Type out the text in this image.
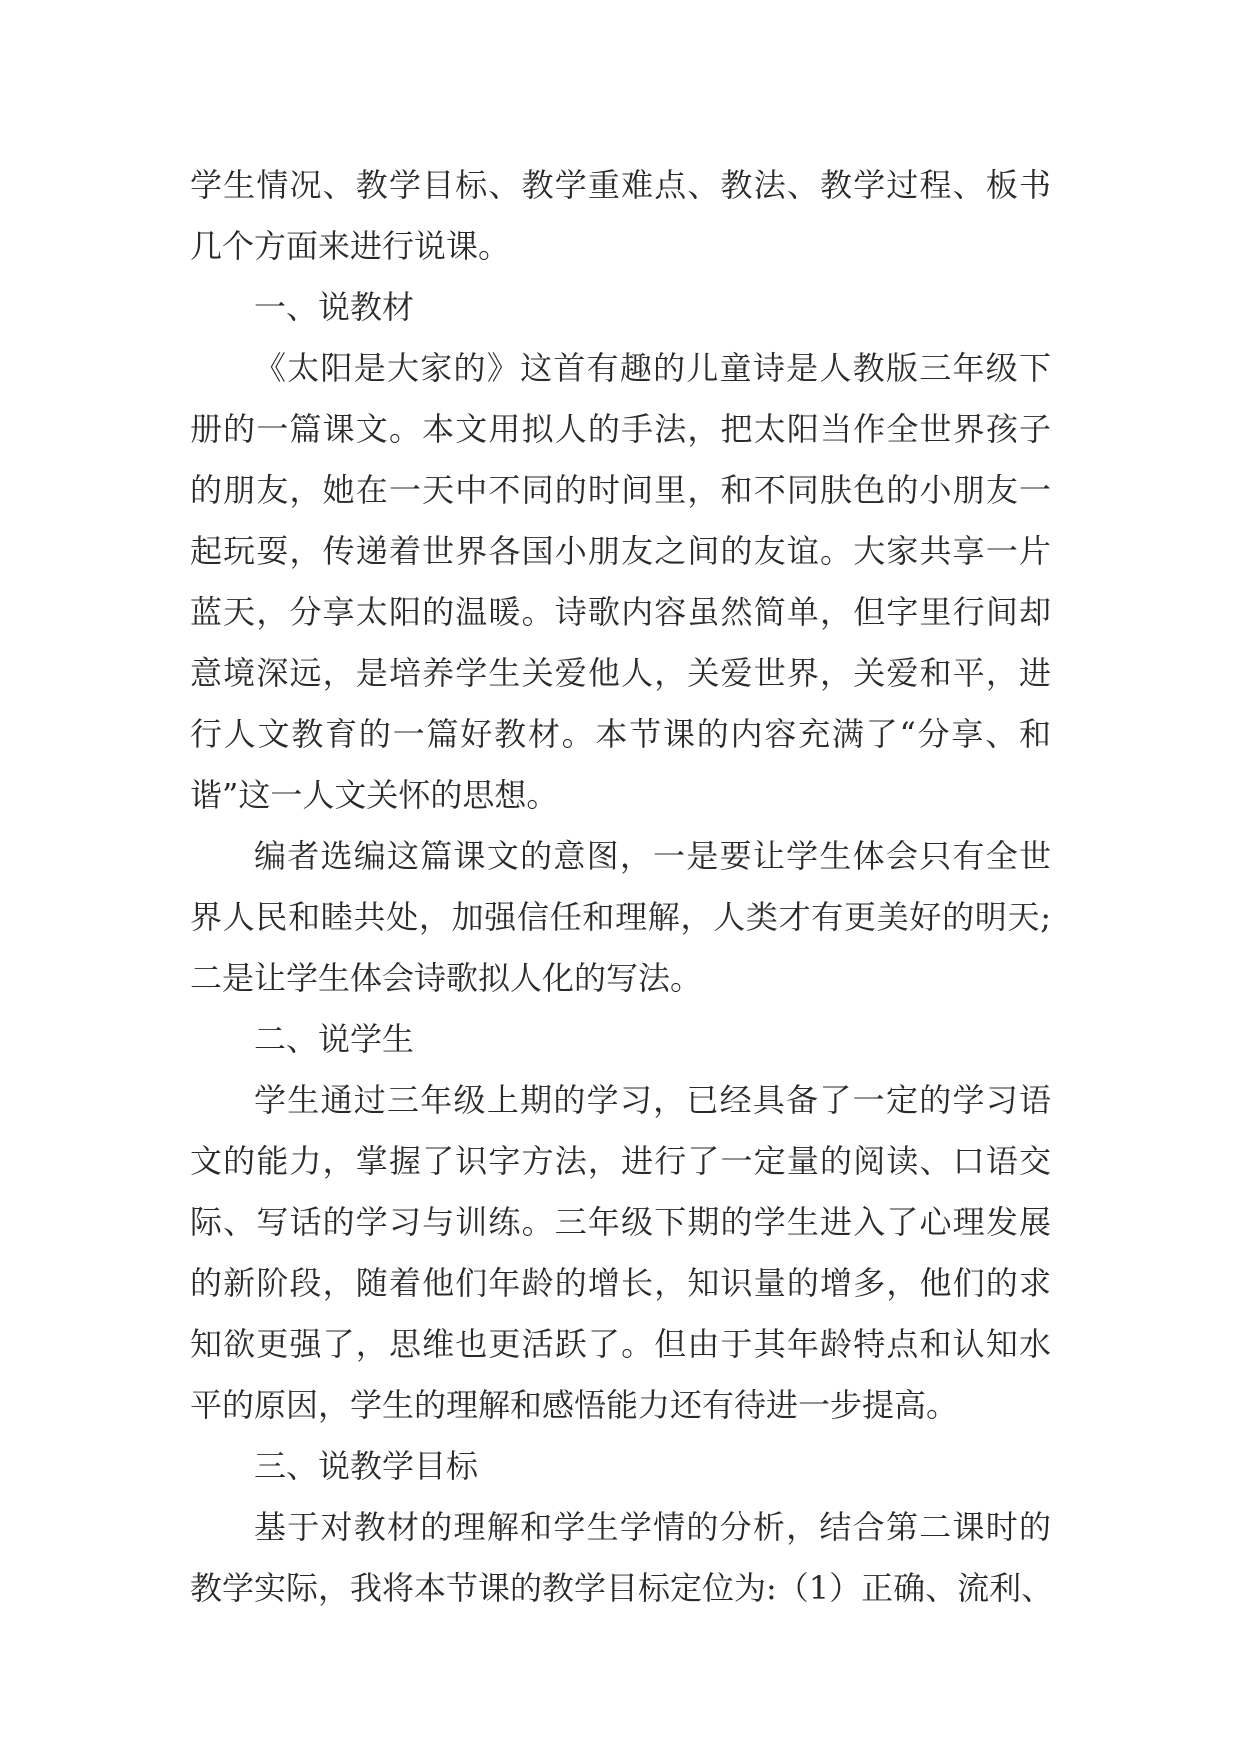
学生情况、教学目标、教学重难点、教法、教学过程、板书
几个方面来进行说课。
一、说教材
《太阳是大家的》这首有趣的儿童诗是人教版三年级下
册的一篇课文。本文用拟人的手法，把太阳当作全世界孩子
的朋友，她在一天中不同的时间里，和不同肤色的小朋友一
起玩耍，传递着世界各国小朋友之间的友谊。大家共享一片
蓝天，分享太阳的温暖。诗歌内容虽然简单，但字里行间却
意境深远，是培养学生关爱他人，关爱世界，关爱和平，进
行人文教育的一篇好教材。本节课的内容充满了“分享、和
谐”这一人文关怀的思想。
编者选编这篇课文的意图，一是要让学生体会只有全世
界人民和睦共处，加强信任和理解，人类才有更美好的明天;
二是让学生体会诗歌拟人化的写法。
二、说学生
学生通过三年级上期的学习，已经具备了一定的学习语
文的能力，掌握了识字方法，进行了一定量的阅读、口语交
际、写话的学习与训练。三年级下期的学生进入了心理发展
的新阶段，随着他们年龄的增长，知识量的增多，他们的求
知欲更强了，思维也更活跃了。但由于其年龄特点和认知水
平的原因，学生的理解和感悟能力还有待进一步提高。
三、说教学目标
基于对教材的理解和学生学情的分析，结合第二课时的
教学实际，我将本节课的教学目标定位为:（1）正确、流利、
